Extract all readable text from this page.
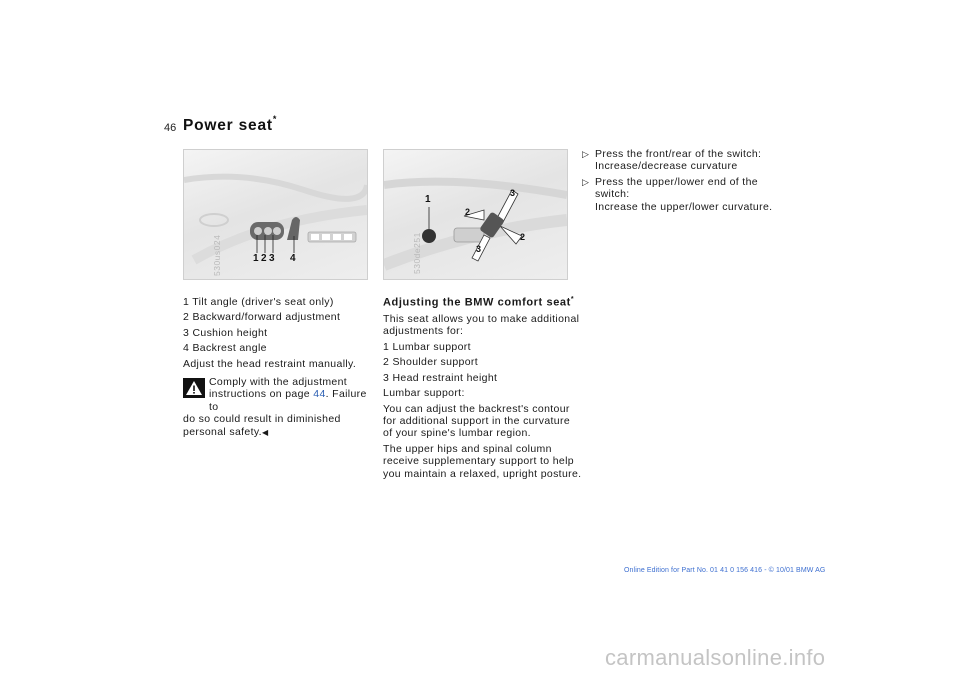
46 Power seat*
1 2 3 4
530us024
1
2
3
3
2
530de251

1 Tilt angle (driver's seat only)

2 Backward/forward adjustment

3 Cushion height

4 Backrest angle

Adjust the head restraint manually.

Comply with the adjustment
instructions on page 44. Failure to
do so could result in diminished
personal safety.◀
Adjusting the BMW comfort seat*

This seat allows you to make additional

adjustments for:

1 Lumbar support

2 Shoulder support

3 Head restraint height

Lumbar support:

You can adjust the backrest's contour

for additional support in the curvature

of your spine's lumbar region.

The upper hips and spinal column

receive supplementary support to help

you maintain a relaxed, upright posture.

▷ Press the front/rear of the switch:
Increase/decrease curvature

▷ Press the upper/lower end of the
switch:
Increase the upper/lower curvature.

Online Edition for Part No. 01 41 0 156 416 - © 10/01 BMW AG
carmanualsonline.info
